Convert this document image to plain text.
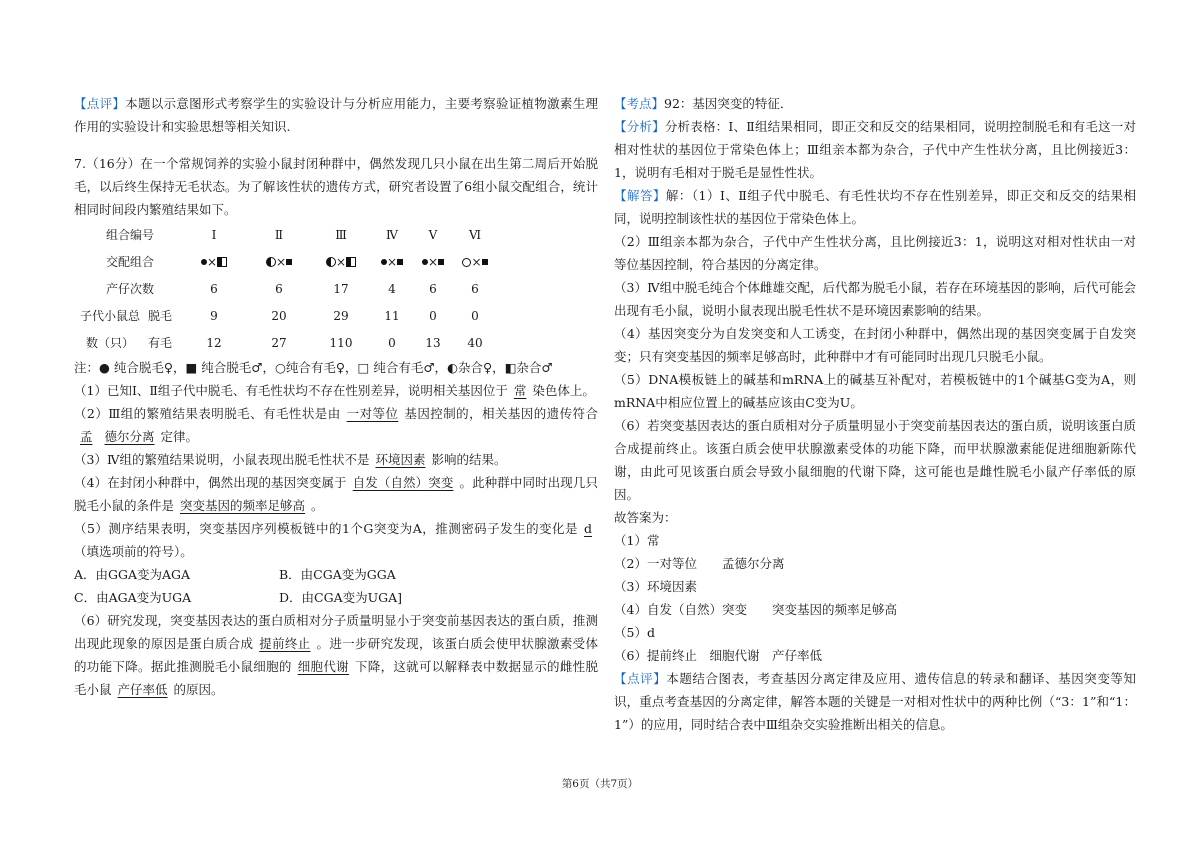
【点评】本题以示意图形式考察学生的实验设计与分析应用能力，主要考察验证植物激素生理作用的实验设计和实验思想等相关知识.

7.（16分）在一个常规饲养的实验小鼠封闭种群中，偶然发现几只小鼠在出生第二周后开始脱毛，以后终生保持无毛状态。为了解该性状的遗传方式，研究者设置了6组小鼠交配组合，统计相同时间段内繁殖结果如下。

组合编号		Ⅰ	Ⅱ	Ⅲ	Ⅳ	Ⅴ	Ⅵ
交配组合		×	×	×	×	×	×
产仔次数		6	6	17	4	6	6
子代小鼠总	脱毛	9	20	29	11	0	0
数（只）	有毛	12	27	110	0	13	40

注：● 纯合脱毛♀，■ 纯合脱毛♂，○纯合有毛♀，□ 纯合有毛♂，◐杂合♀，◧杂合♂

（1）已知Ⅰ、Ⅱ组子代中脱毛、有毛性状均不存在性别差异，说明相关基因位于 常 染色体上。

（2）Ⅲ组的繁殖结果表明脱毛、有毛性状是由 一对等位 基因控制的，相关基因的遗传符合孟 德尔分离 定律。

（3）Ⅳ组的繁殖结果说明，小鼠表现出脱毛性状不是 环境因素 影响的结果。

（4）在封闭小种群中，偶然出现的基因突变属于 自发（自然）突变 。此种群中同时出现几只脱毛小鼠的条件是 突变基因的频率足够高 。

（5）测序结果表明，突变基因序列模板链中的1个G突变为A，推测密码子发生的变化是 d（填选项前的符号）。

A．由GGA变为AGA	B．由CGA变为GGA
C．由AGA变为UGA	D．由CGA变为UGA]

（6）研究发现，突变基因表达的蛋白质相对分子质量明显小于突变前基因表达的蛋白质，推测出现此现象的原因是蛋白质合成 提前终止 。进一步研究发现，该蛋白质会使甲状腺激素受体的功能下降。据此推测脱毛小鼠细胞的 细胞代谢 下降，这就可以解释表中数据显示的雌性脱毛小鼠 产仔率低 的原因。

【考点】92：基因突变的特征．

【分析】分析表格：Ⅰ、Ⅱ组结果相同，即正交和反交的结果相同，说明控制脱毛和有毛这一对相对性状的基因位于常染色体上；Ⅲ组亲本都为杂合，子代中产生性状分离，且比例接近3：1，说明有毛相对于脱毛是显性性状。

【解答】解：（1）Ⅰ、Ⅱ组子代中脱毛、有毛性状均不存在性别差异，即正交和反交的结果相同，说明控制该性状的基因位于常染色体上。

（2）Ⅲ组亲本都为杂合，子代中产生性状分离，且比例接近3：1，说明这对相对性状由一对等位基因控制，符合基因的分离定律。

（3）Ⅳ组中脱毛纯合个体雌雄交配，后代都为脱毛小鼠，若存在环境基因的影响，后代可能会出现有毛小鼠，说明小鼠表现出脱毛性状不是环境因素影响的结果。

（4）基因突变分为自发突变和人工诱变，在封闭小种群中，偶然出现的基因突变属于自发突变；只有突变基因的频率足够高时，此种群中才有可能同时出现几只脱毛小鼠。

（5）DNA模板链上的碱基和mRNA上的碱基互补配对，若模板链中的1个碱基G变为A，则mRNA中相应位置上的碱基应该由C变为U。

（6）若突变基因表达的蛋白质相对分子质量明显小于突变前基因表达的蛋白质，说明该蛋白质合成提前终止。该蛋白质会使甲状腺激素受体的功能下降，而甲状腺激素能促进细胞新陈代谢，由此可见该蛋白质会导致小鼠细胞的代谢下降，这可能也是雌性脱毛小鼠产仔率低的原因。

故答案为：

（1）常

（2）一对等位　　孟德尔分离

（3）环境因素

（4）自发（自然）突变　　突变基因的频率足够高

（5）d

（6）提前终止　细胞代谢　产仔率低

【点评】本题结合图表，考查基因分离定律及应用、遗传信息的转录和翻译、基因突变等知识，重点考查基因的分离定律，解答本题的关键是一对相对性状中的两种比例（“3：1”和“1：1”）的应用，同时结合表中Ⅲ组杂交实验推断出相关的信息。

第6页（共7页）
